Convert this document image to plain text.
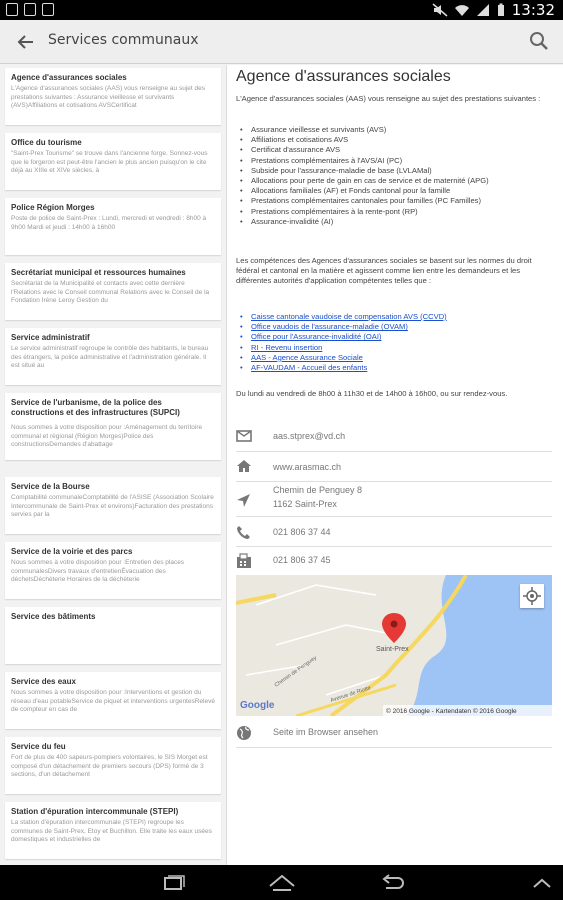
13:32
Services communaux
Agence d'assurances sociales
L'Agence d'assurances sociales (AAS) vous renseigne au sujet des prestations suivantes : Assurance vieillesse et survivants (AVS)Affiliations et cotisations AVSCertificat
Office du tourisme
"Saint-Prex Tourisme" se trouve dans l'ancienne forge. Sonnez-vous que le forgeron est peut-être l'ancien le plus ancien puisqu'on le cite déjà au XIIIe et XIVe siècles, à
Police Région Morges
Poste de police de Saint-Prex : Lundi, mercredi et vendredi : 8h00 à 9h00 Mardi et jeudi : 14h00 à 16h00
Secrétariat municipal et ressources humaines
Secrétariat de la Municipalité et contacts avec cette dernière l'Relations avec le Conseil communal Relations avec le Conseil de la Fondation Irène Leroy Gestion du
Service administratif
Le service administratif regroupe le contrôle des habitants, le bureau des étrangers, la police administrative et l'administration générale. Il est situé au
Service de l'urbanisme, de la police des constructions et des infrastructures (SUPCI)
Nous sommes à votre disposition pour :Aménagement du territoire communal et régional (Région Morges)Police des constructionsDemandes d'abattage
Service de la Bourse
Comptabilité communaleComptabilité de l'ASISE (Association Scolaire Intercommunale de Saint-Prex et environs)Facturation des prestations servies par la
Service de la voirie et des parcs
Nous sommes à votre disposition pour :Entretien des places communalesDivers travaux d'entretienÉvacuation des déchetsDéchèterie Horaires de la déchèterie
Service des bâtiments
Service des eaux
Nous sommes à votre disposition pour :Interventions et gestion du réseau d'eau potableService de piquet et interventions urgentesRelevé de compteur en cas de
Service du feu
Fort de plus de 400 sapeurs-pompiers volontaires, le SIS Morget est composé d'un détachement de premiers secours (DPS) formé de 3 sections, d'un détachement
Station d'épuration intercommunale (STEPI)
La station d'épuration intercommunale (STEPI) regroupe les communes de Saint-Prex, Etoy et Buchillon. Elle traite les eaux usées domestiques et industrielles de
Agence d'assurances sociales
L'Agence d'assurances sociales (AAS) vous renseigne au sujet des prestations suivantes :
• Assurance vieillesse et survivants (AVS)
• Affiliations et cotisations AVS
• Certificat d'assurance AVS
• Prestations complémentaires à l'AVS/AI (PC)
• Subside pour l'assurance-maladie de base (LVLAMal)
• Allocations pour perte de gain en cas de service et de maternité (APG)
• Allocations familiales (AF) et Fonds cantonal pour la famille
• Prestations complémentaires cantonales pour familles (PC Familles)
• Prestations complémentaires à la rente-pont (RP)
• Assurance-invalidité (AI)
Les compétences des Agences d'assurances sociales se basent sur les normes du droit fédéral et cantonal en la matière et agissent comme lien entre les demandeurs et les différentes autorités d'application compétentes telles que :
• Caisse cantonale vaudoise de compensation AVS (CCVD)
• Office vaudois de l'assurance-maladie (OVAM)
• Office pour l'Assurance-invalidité (OAI)
• RI - Revenu insertion
• AAS - Agence Assurance Sociale
• AF-VAUDAM - Accueil des enfants
Du lundi au vendredi de 8h00 à 11h30 et de 14h00 à 16h00, ou sur rendez-vous.
aas.stprex@vd.ch
www.arasmac.ch
Chemin de Penguey 8
1162 Saint-Prex
021 806 37 44
021 806 37 45
Saint-Prex
Chemin de Penguey
Avenue de Riotte
Google
© 2016 Google - Kartendaten © 2016 Google
Seite im Browser ansehen
